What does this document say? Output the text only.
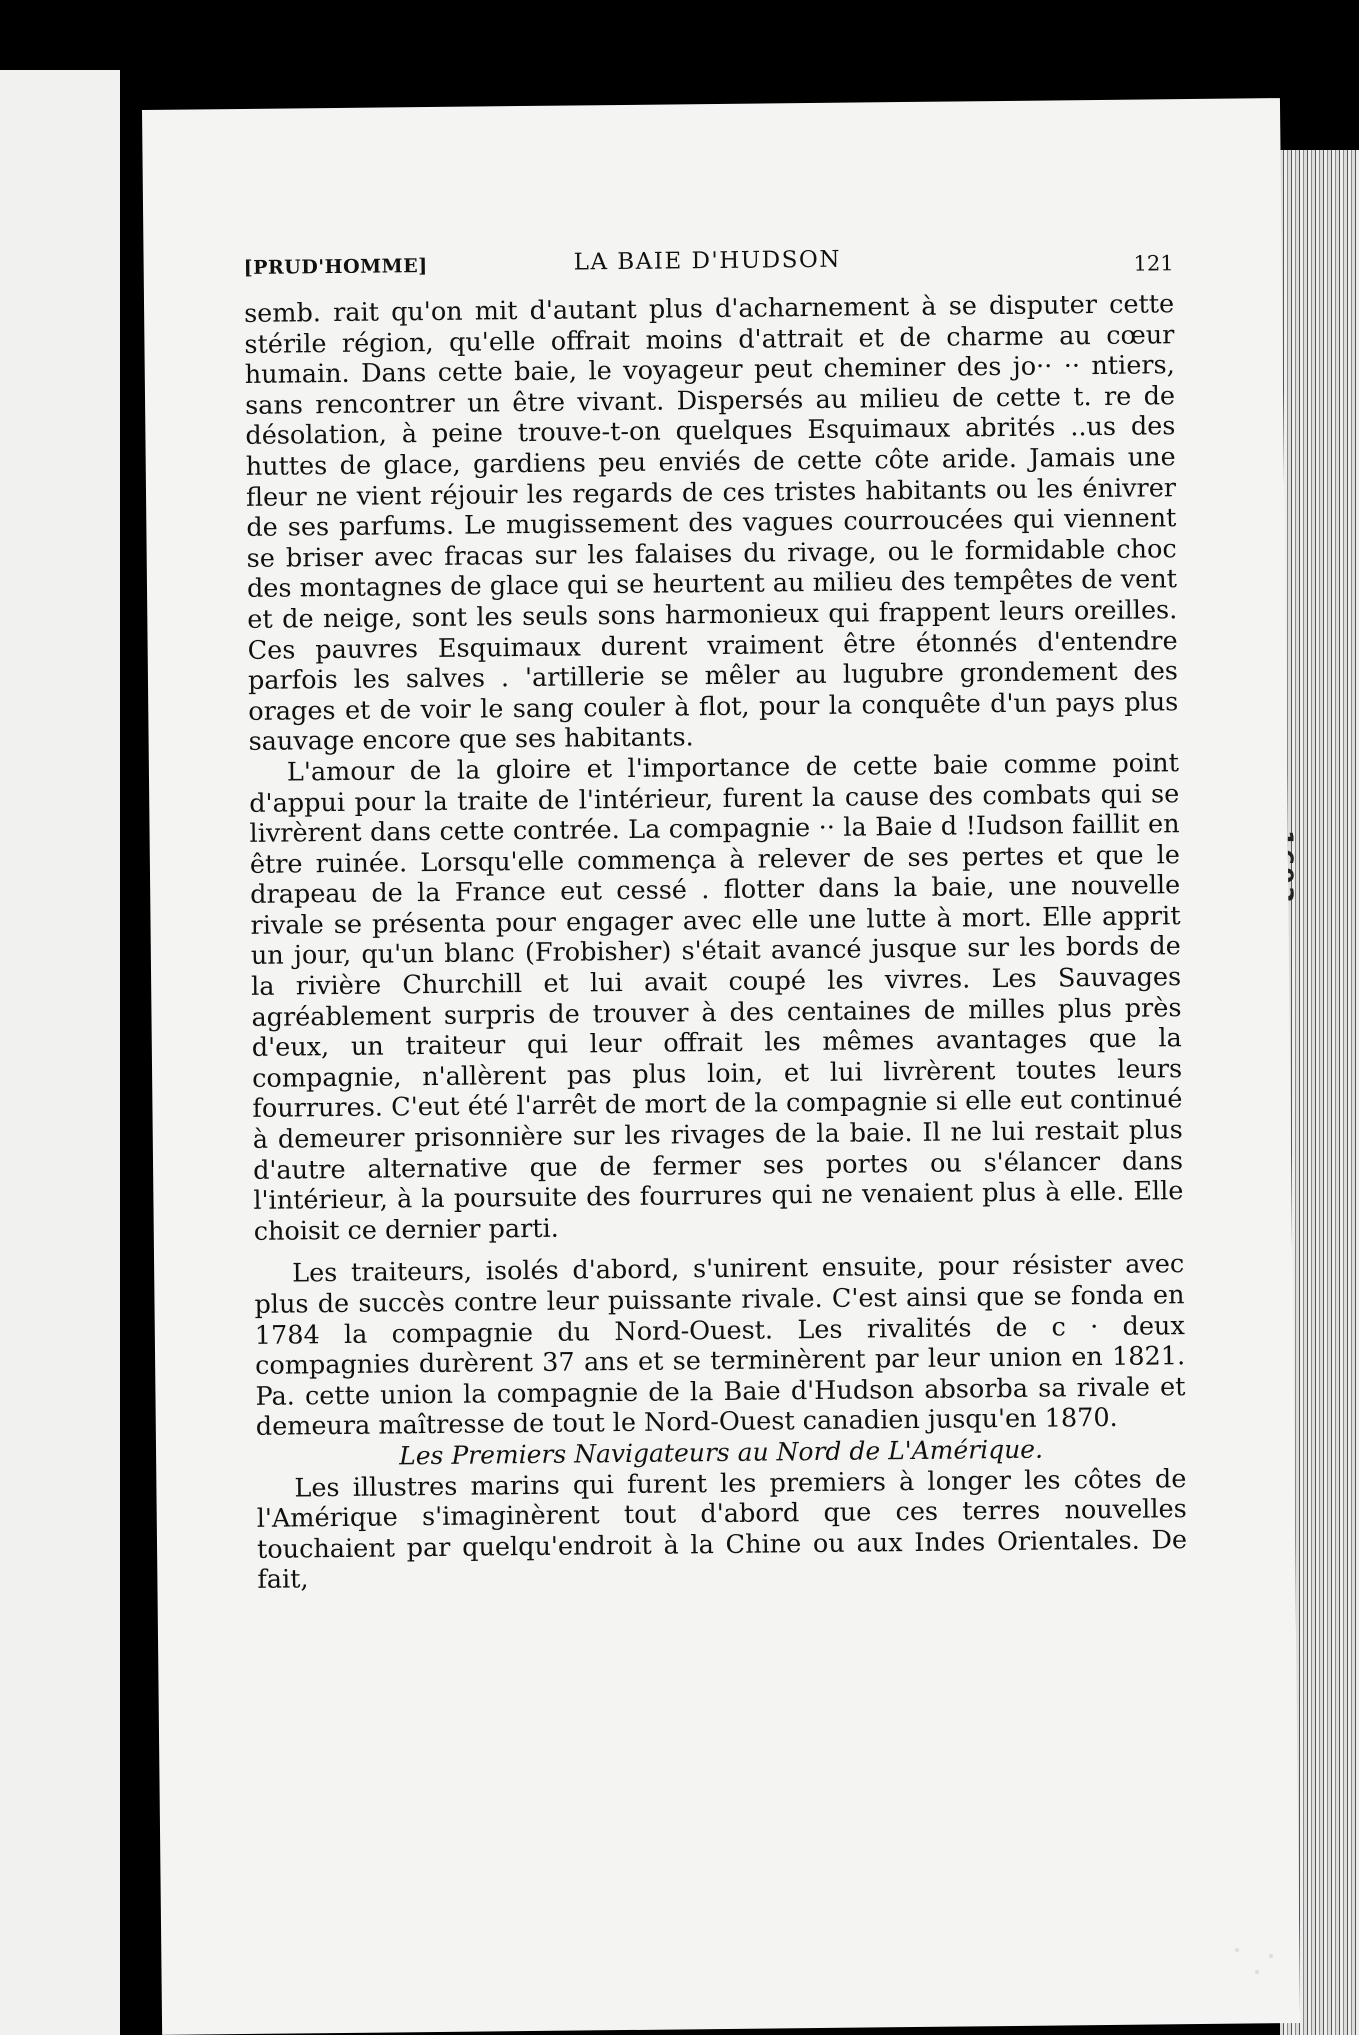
[PRUD'HOMME]	LA BAIE D'HUDSON	121

semb. rait qu'on mit d'autant plus d'acharnement à se disputer cette stérile région, qu'elle offrait moins d'attrait et de charme au cœur humain. Dans cette baie, le voyageur peut cheminer des jo·· ·· ntiers, sans rencontrer un être vivant. Dispersés au milieu de cette t. re de désolation, à peine trouve-t-on quelques Esquimaux abrités ..us des huttes de glace, gardiens peu enviés de cette côte aride. Jamais une fleur ne vient réjouir les regards de ces tristes habitants ou les énivrer de ses parfums. Le mugissement des vagues courroucées qui viennent se briser avec fracas sur les falaises du rivage, ou le formidable choc des montagnes de glace qui se heurtent au milieu des tempêtes de vent et de neige, sont les seuls sons harmonieux qui frappent leurs oreilles. Ces pauvres Esquimaux durent vraiment être étonnés d'entendre parfois les salves . 'artillerie se mêler au lugubre grondement des orages et de voir le sang couler à flot, pour la conquête d'un pays plus sauvage encore que ses habitants.

L'amour de la gloire et l'importance de cette baie comme point d'appui pour la traite de l'intérieur, furent la cause des combats qui se livrèrent dans cette contrée. La compagnie ·· la Baie d !Iudson faillit en être ruinée. Lorsqu'elle commença à relever de ses pertes et que le drapeau de la France eut cessé . flotter dans la baie, une nouvelle rivale se présenta pour engager avec elle une lutte à mort. Elle apprit un jour, qu'un blanc (Frobisher) s'était avancé jusque sur les bords de la rivière Churchill et lui avait coupé les vivres. Les Sauvages agréablement surpris de trouver à des centaines de milles plus près d'eux, un traiteur qui leur offrait les mêmes avantages que la compagnie, n'allèrent pas plus loin, et lui livrèrent toutes leurs fourrures. C'eut été l'arrêt de mort de la compagnie si elle eut continué à demeurer prisonnière sur les rivages de la baie. Il ne lui restait plus d'autre alternative que de fermer ses portes ou s'élancer dans l'intérieur, à la poursuite des fourrures qui ne venaient plus à elle. Elle choisit ce dernier parti.

Les traiteurs, isolés d'abord, s'unirent ensuite, pour résister avec plus de succès contre leur puissante rivale. C'est ainsi que se fonda en 1784 la compagnie du Nord-Ouest. Les rivalités de c · deux compagnies durèrent 37 ans et se terminèrent par leur union en 1821. Pa. cette union la compagnie de la Baie d'Hudson absorba sa rivale et demeura maîtresse de tout le Nord-Ouest canadien jusqu'en 1870.

Les Premiers Navigateurs au Nord de L'Amérique.

Les illustres marins qui furent les premiers à longer les côtes de l'Amérique s'imaginèrent tout d'abord que ces terres nouvelles touchaient par quelqu'endroit à la Chine ou aux Indes Orientales. De fait,
